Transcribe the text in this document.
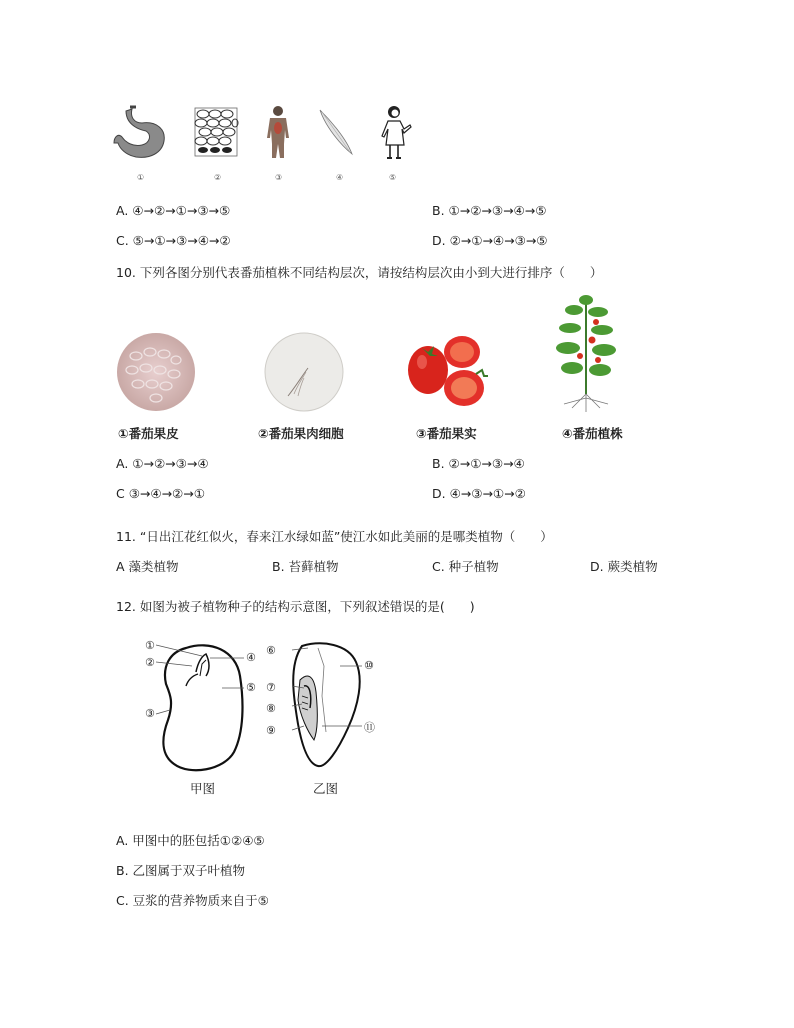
①	②	③	④	⑤
A. ④→②→①→③→⑤	B. ①→②→③→④→⑤
C. ⑤→①→③→④→②	D. ②→①→④→③→⑤
10. 下列各图分别代表番茄植株不同结构层次，请按结构层次由小到大进行排序（　　）
①番茄果皮	②番茄果肉细胞	③番茄果实	④番茄植株
A. ①→②→③→④	B. ②→①→③→④
C ③→④→②→①	D. ④→③→①→②
11. “日出江花红似火，春来江水绿如蓝”使江水如此美丽的是哪类植物（　　）
A 藻类植物	B. 苔藓植物	C. 种子植物	D. 蕨类植物
12. 如图为被子植物种子的结构示意图，下列叙述错误的是(　　)
①
②
③
④
⑤
⑥
⑦
⑧
⑨
⑩
⑪
甲图	乙图
A. 甲图中的胚包括①②④⑤
B. 乙图属于双子叶植物
C. 豆浆的营养物质来自于⑤
